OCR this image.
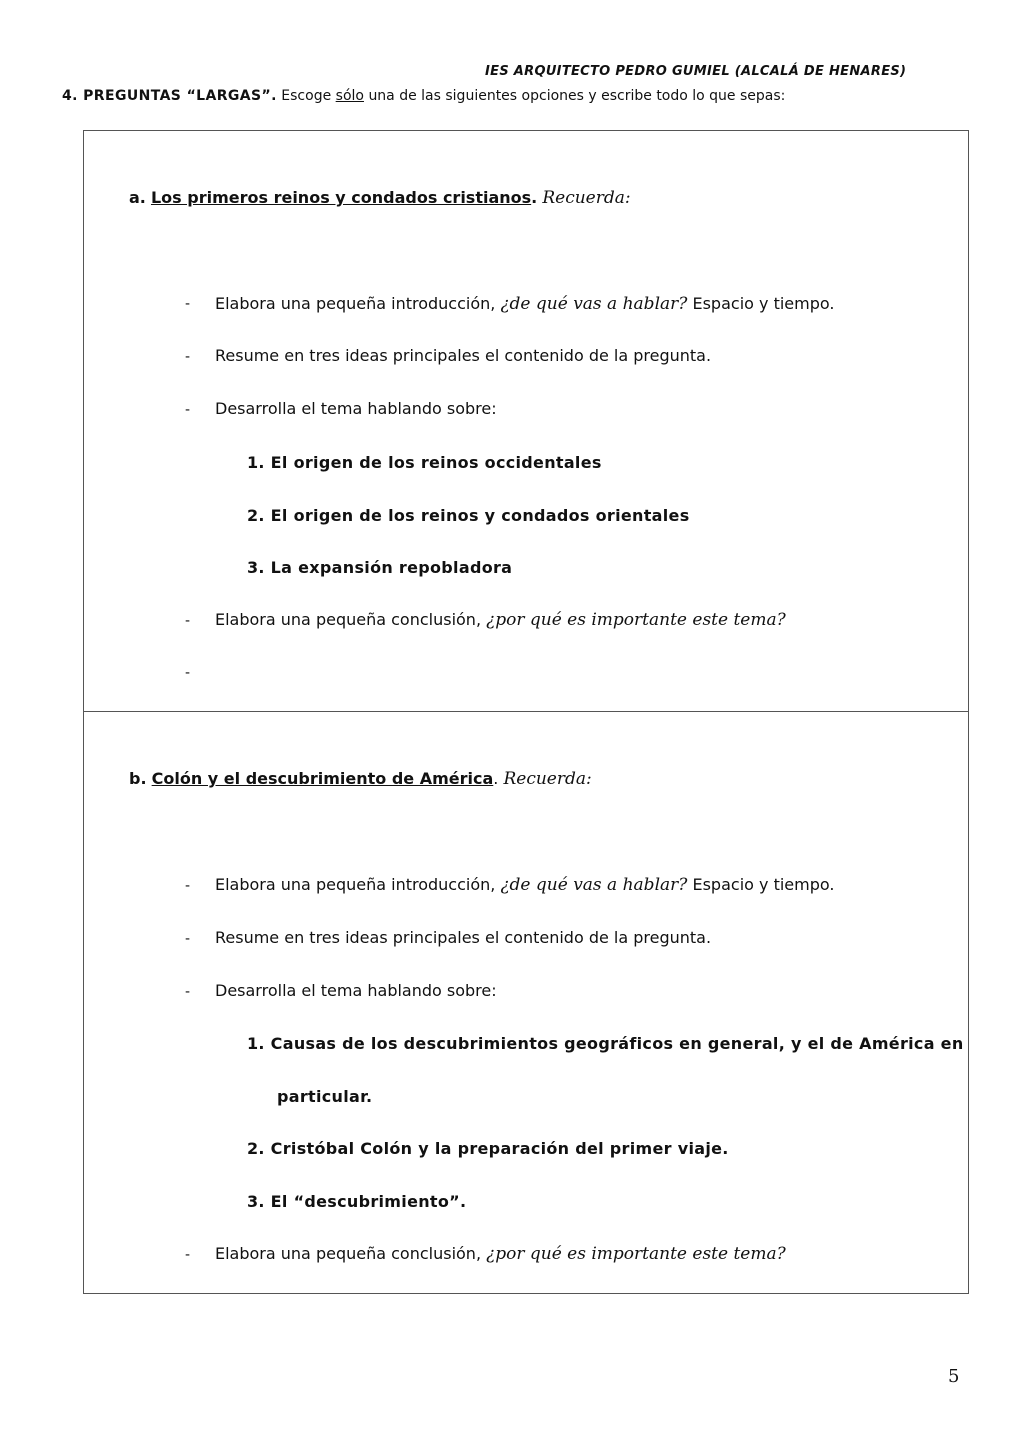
IES ARQUITECTO PEDRO GUMIEL (ALCALÁ DE HENARES)
4. PREGUNTAS “LARGAS”. Escoge sólo una de las siguientes opciones y escribe todo lo que sepas:
a. Los primeros reinos y condados cristianos. Recuerda:
- Elabora una pequeña introducción, ¿de qué vas a hablar? Espacio y tiempo.
- Resume en tres ideas principales el contenido de la pregunta.
- Desarrolla el tema hablando sobre:
1. El origen de los reinos occidentales
2. El origen de los reinos y condados orientales
3. La expansión repobladora
- Elabora una pequeña conclusión, ¿por qué es importante este tema?
-
b. Colón y el descubrimiento de América. Recuerda:
- Elabora una pequeña introducción, ¿de qué vas a hablar? Espacio y tiempo.
- Resume en tres ideas principales el contenido de la pregunta.
- Desarrolla el tema hablando sobre:
1. Causas de los descubrimientos geográficos en general, y el de América en
particular.
2. Cristóbal Colón y la preparación del primer viaje.
3. El “descubrimiento”.
- Elabora una pequeña conclusión, ¿por qué es importante este tema?
5
